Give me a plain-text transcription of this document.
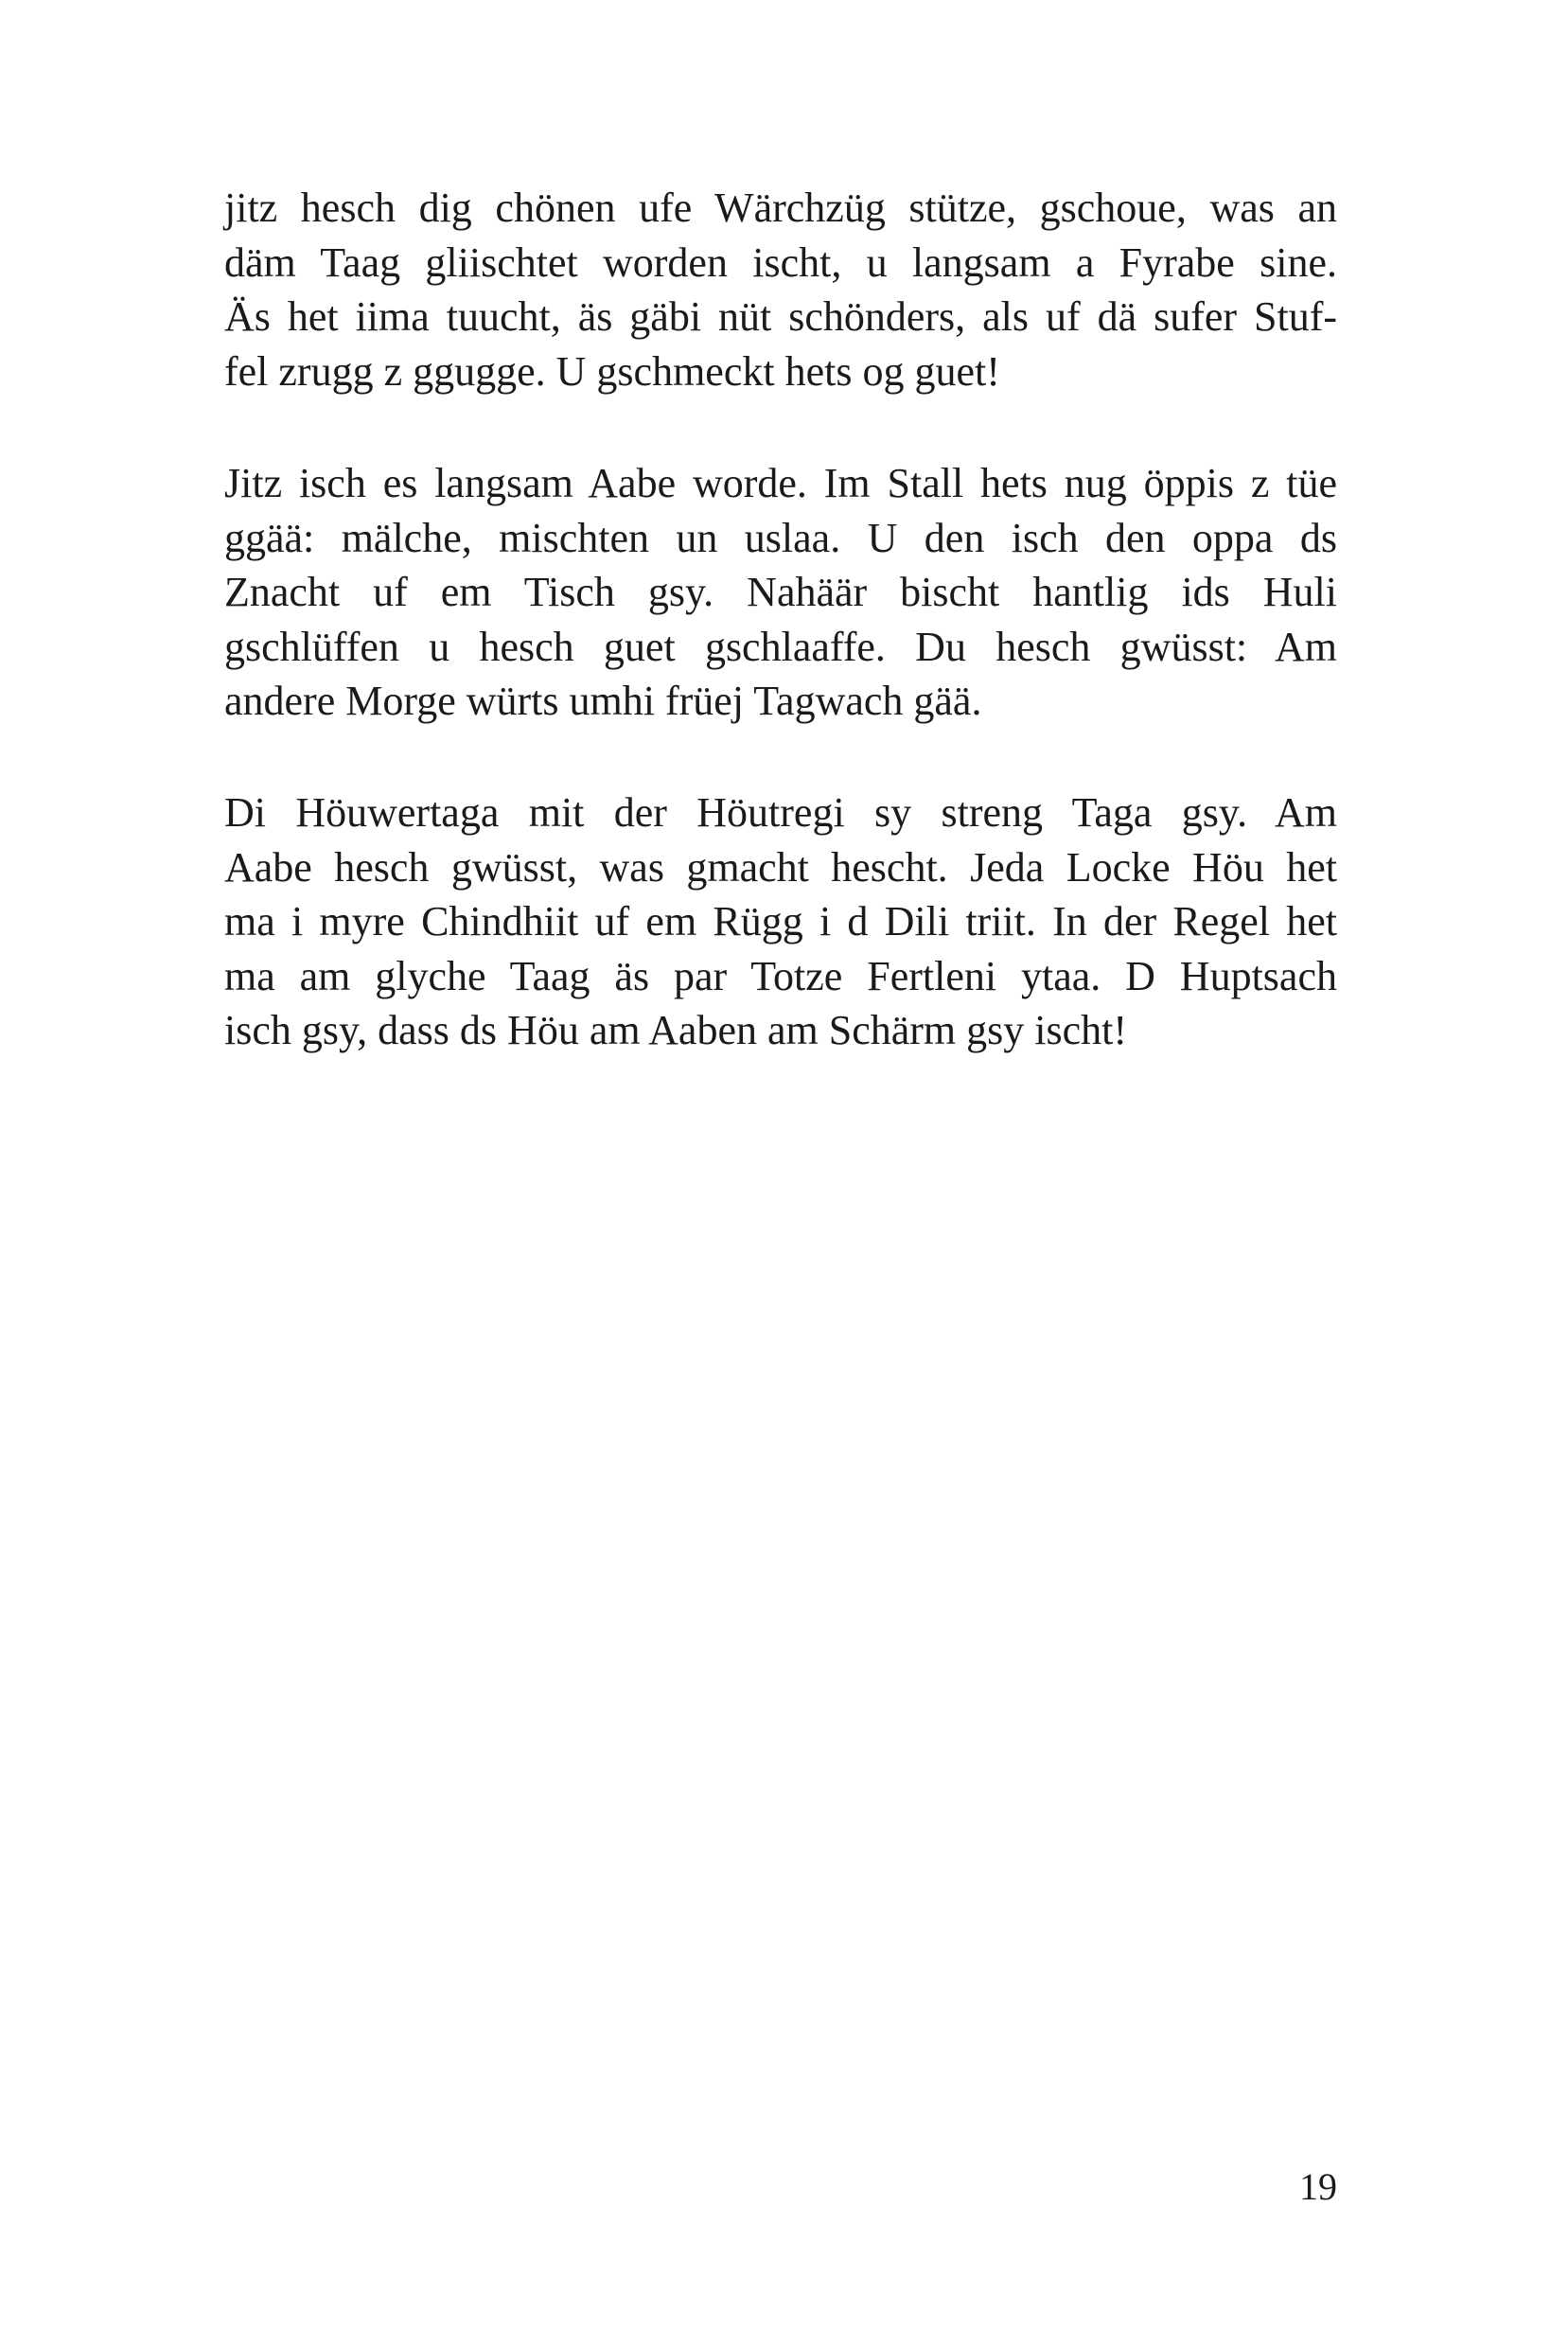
jitz hesch dig chönen ufe Wärchzüg stütze, gschoue, was an
däm Taag gliischtet worden ischt, u langsam a Fyrabe sine.
Äs het iima tuucht, äs gäbi nüt schönders, als uf dä sufer Stuf-
fel zrugg z ggugge. U gschmeckt hets og guet!
Jitz isch es langsam Aabe worde. Im Stall hets nug öppis z tüe
ggää: mälche, mischten un uslaa. U den isch den oppa ds
Znacht uf em Tisch gsy. Nahäär bischt hantlig ids Huli
gschlüffen u hesch guet gschlaaffe. Du hesch gwüsst: Am
andere Morge würts umhi früej Tagwach gää.
Di Höuwertaga mit der Höutregi sy streng Taga gsy. Am
Aabe hesch gwüsst, was gmacht hescht. Jeda Locke Höu het
ma i myre Chindhiit uf em Rügg i d Dili triit. In der Regel het
ma am glyche Taag äs par Totze Fertleni ytaa. D Huptsach
isch gsy, dass ds Höu am Aaben am Schärm gsy ischt!
19
